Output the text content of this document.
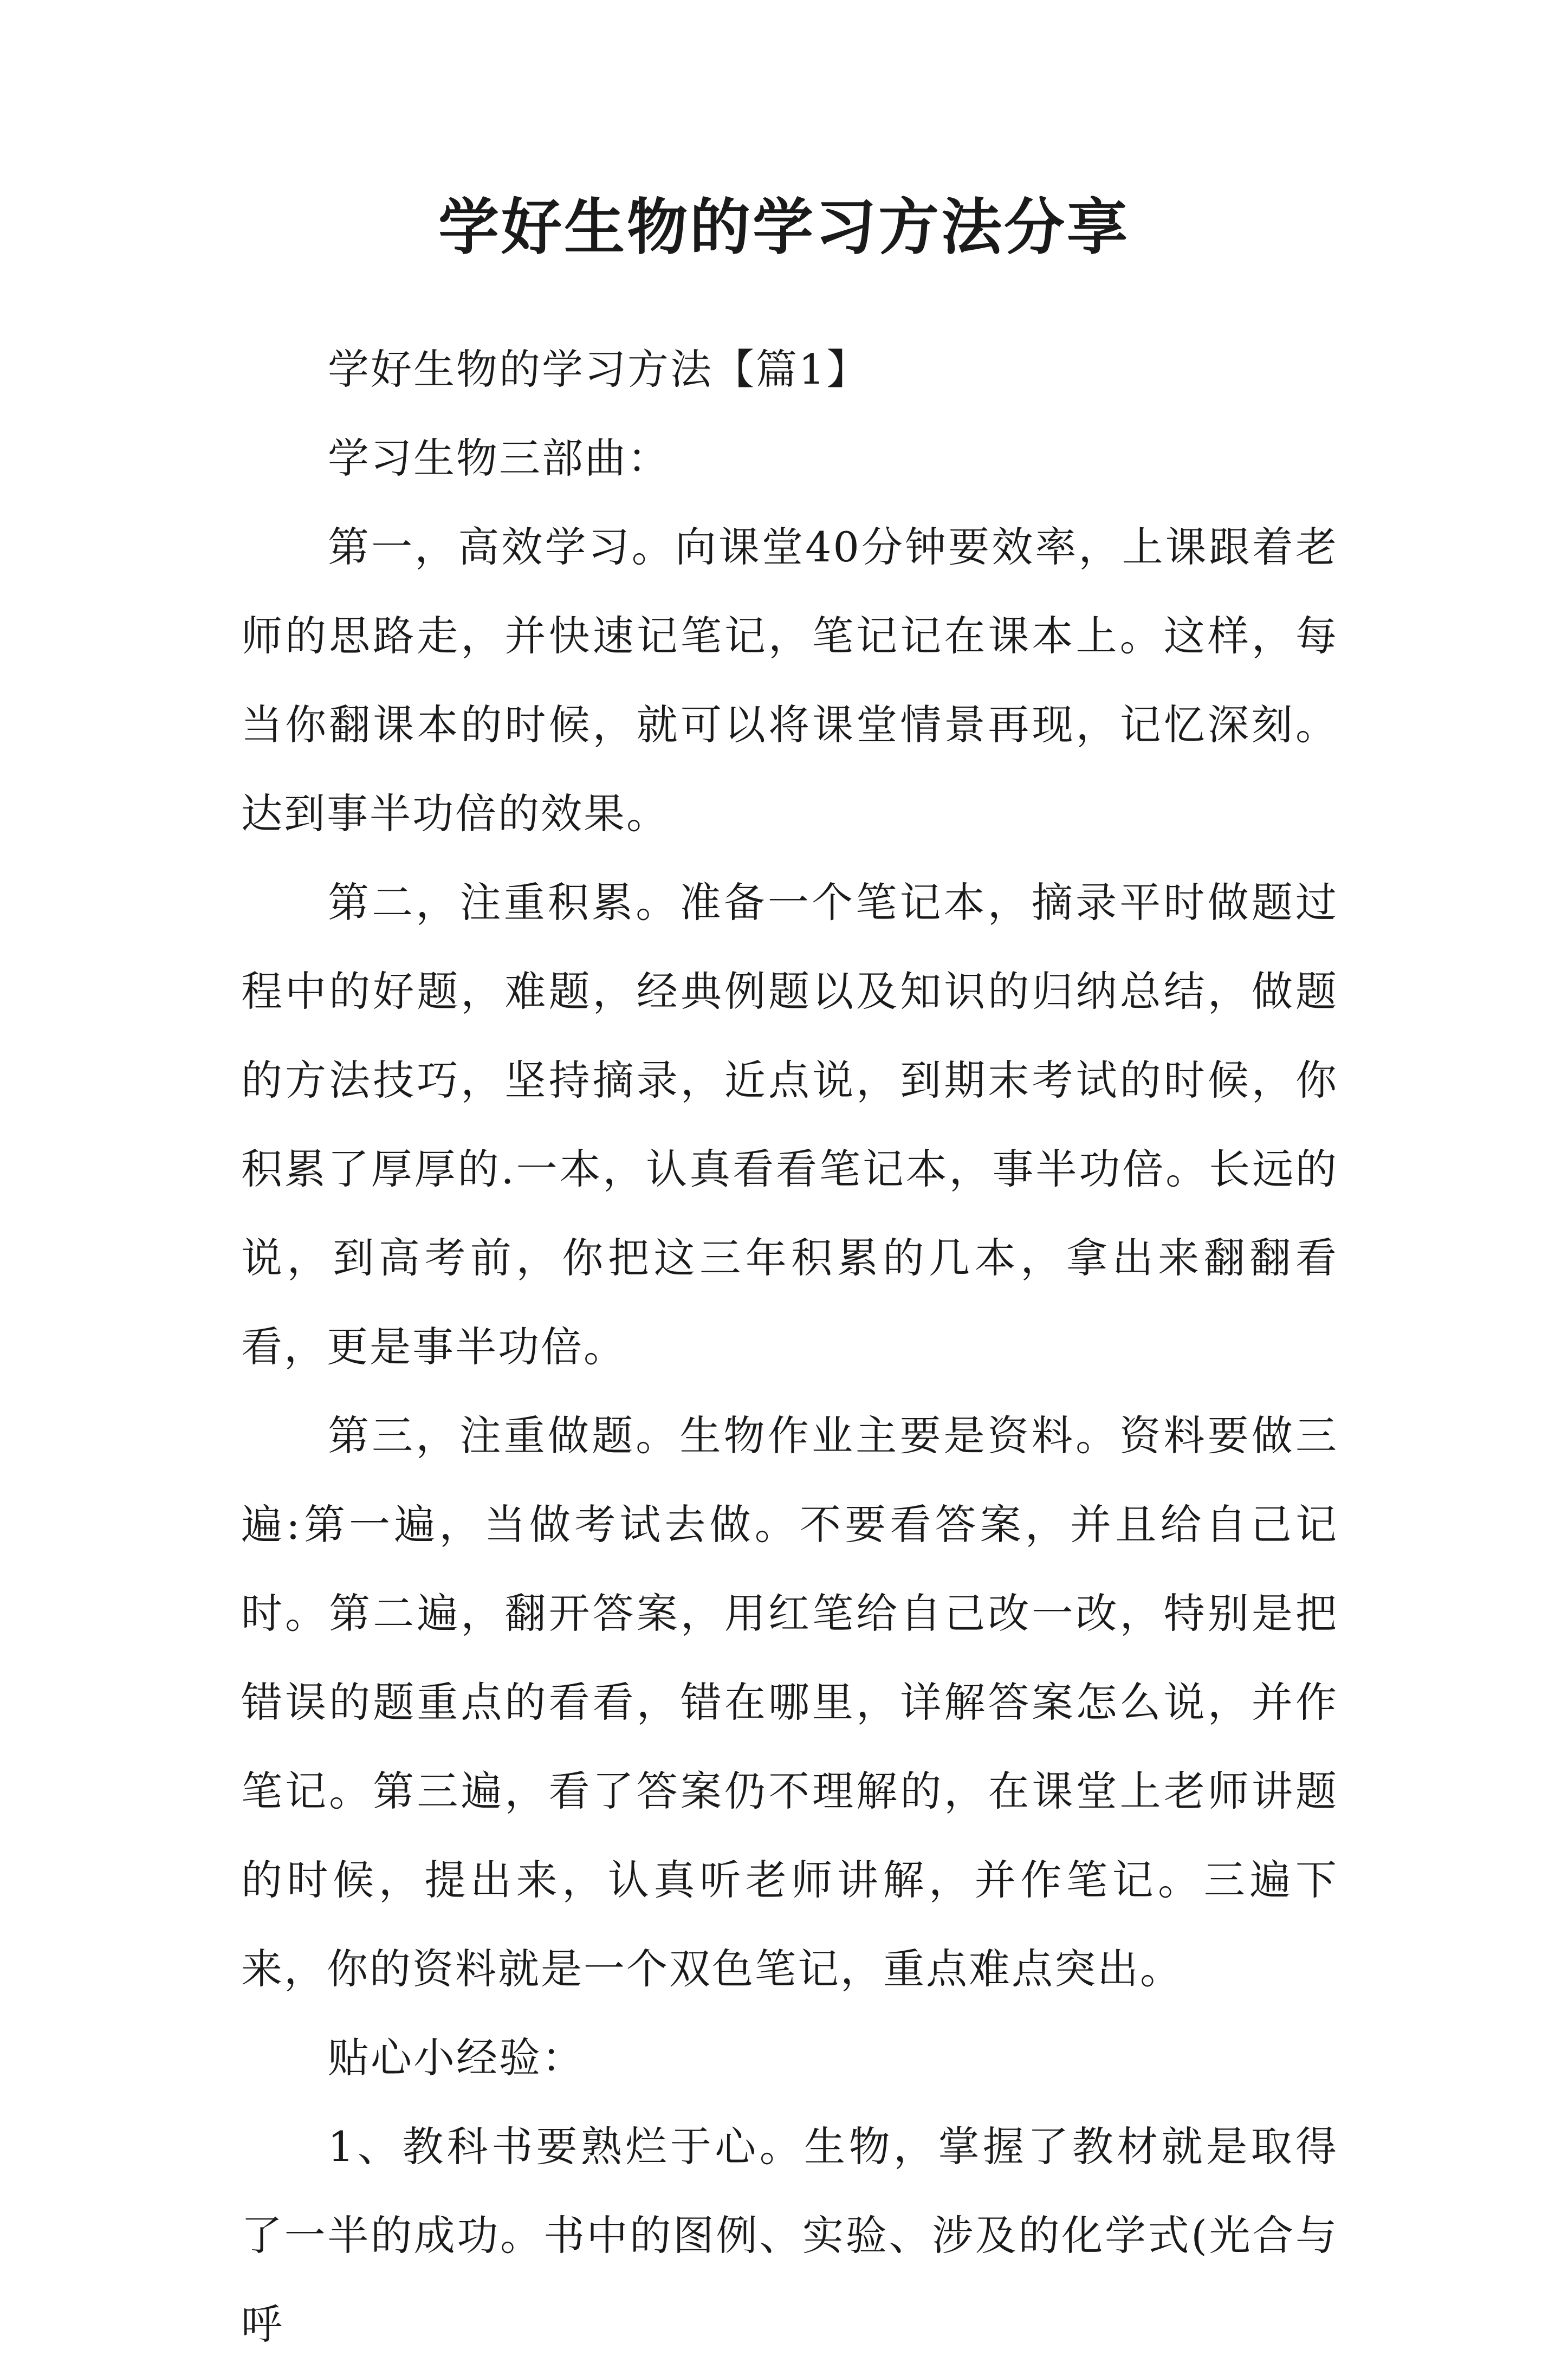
学好生物的学习方法分享

学好生物的学习方法【篇1】

学习生物三部曲：

第一，高效学习。向课堂40分钟要效率，上课跟着老师的思路走，并快速记笔记，笔记记在课本上。这样，每当你翻课本的时候，就可以将课堂情景再现，记忆深刻。达到事半功倍的效果。

第二，注重积累。准备一个笔记本，摘录平时做题过程中的好题，难题，经典例题以及知识的归纳总结，做题的方法技巧，坚持摘录，近点说，到期末考试的时候，你积累了厚厚的.一本，认真看看笔记本，事半功倍。长远的说，到高考前，你把这三年积累的几本，拿出来翻翻看看，更是事半功倍。

第三，注重做题。生物作业主要是资料。资料要做三遍:第一遍，当做考试去做。不要看答案，并且给自己记时。第二遍，翻开答案，用红笔给自己改一改，特别是把错误的题重点的看看，错在哪里，详解答案怎么说，并作笔记。第三遍，看了答案仍不理解的，在课堂上老师讲题的时候，提出来，认真听老师讲解，并作笔记。三遍下来，你的资料就是一个双色笔记，重点难点突出。

贴心小经验：

1、教科书要熟烂于心。生物，掌握了教材就是取得了一半的成功。书中的图例、实验、涉及的化学式(光合与呼
